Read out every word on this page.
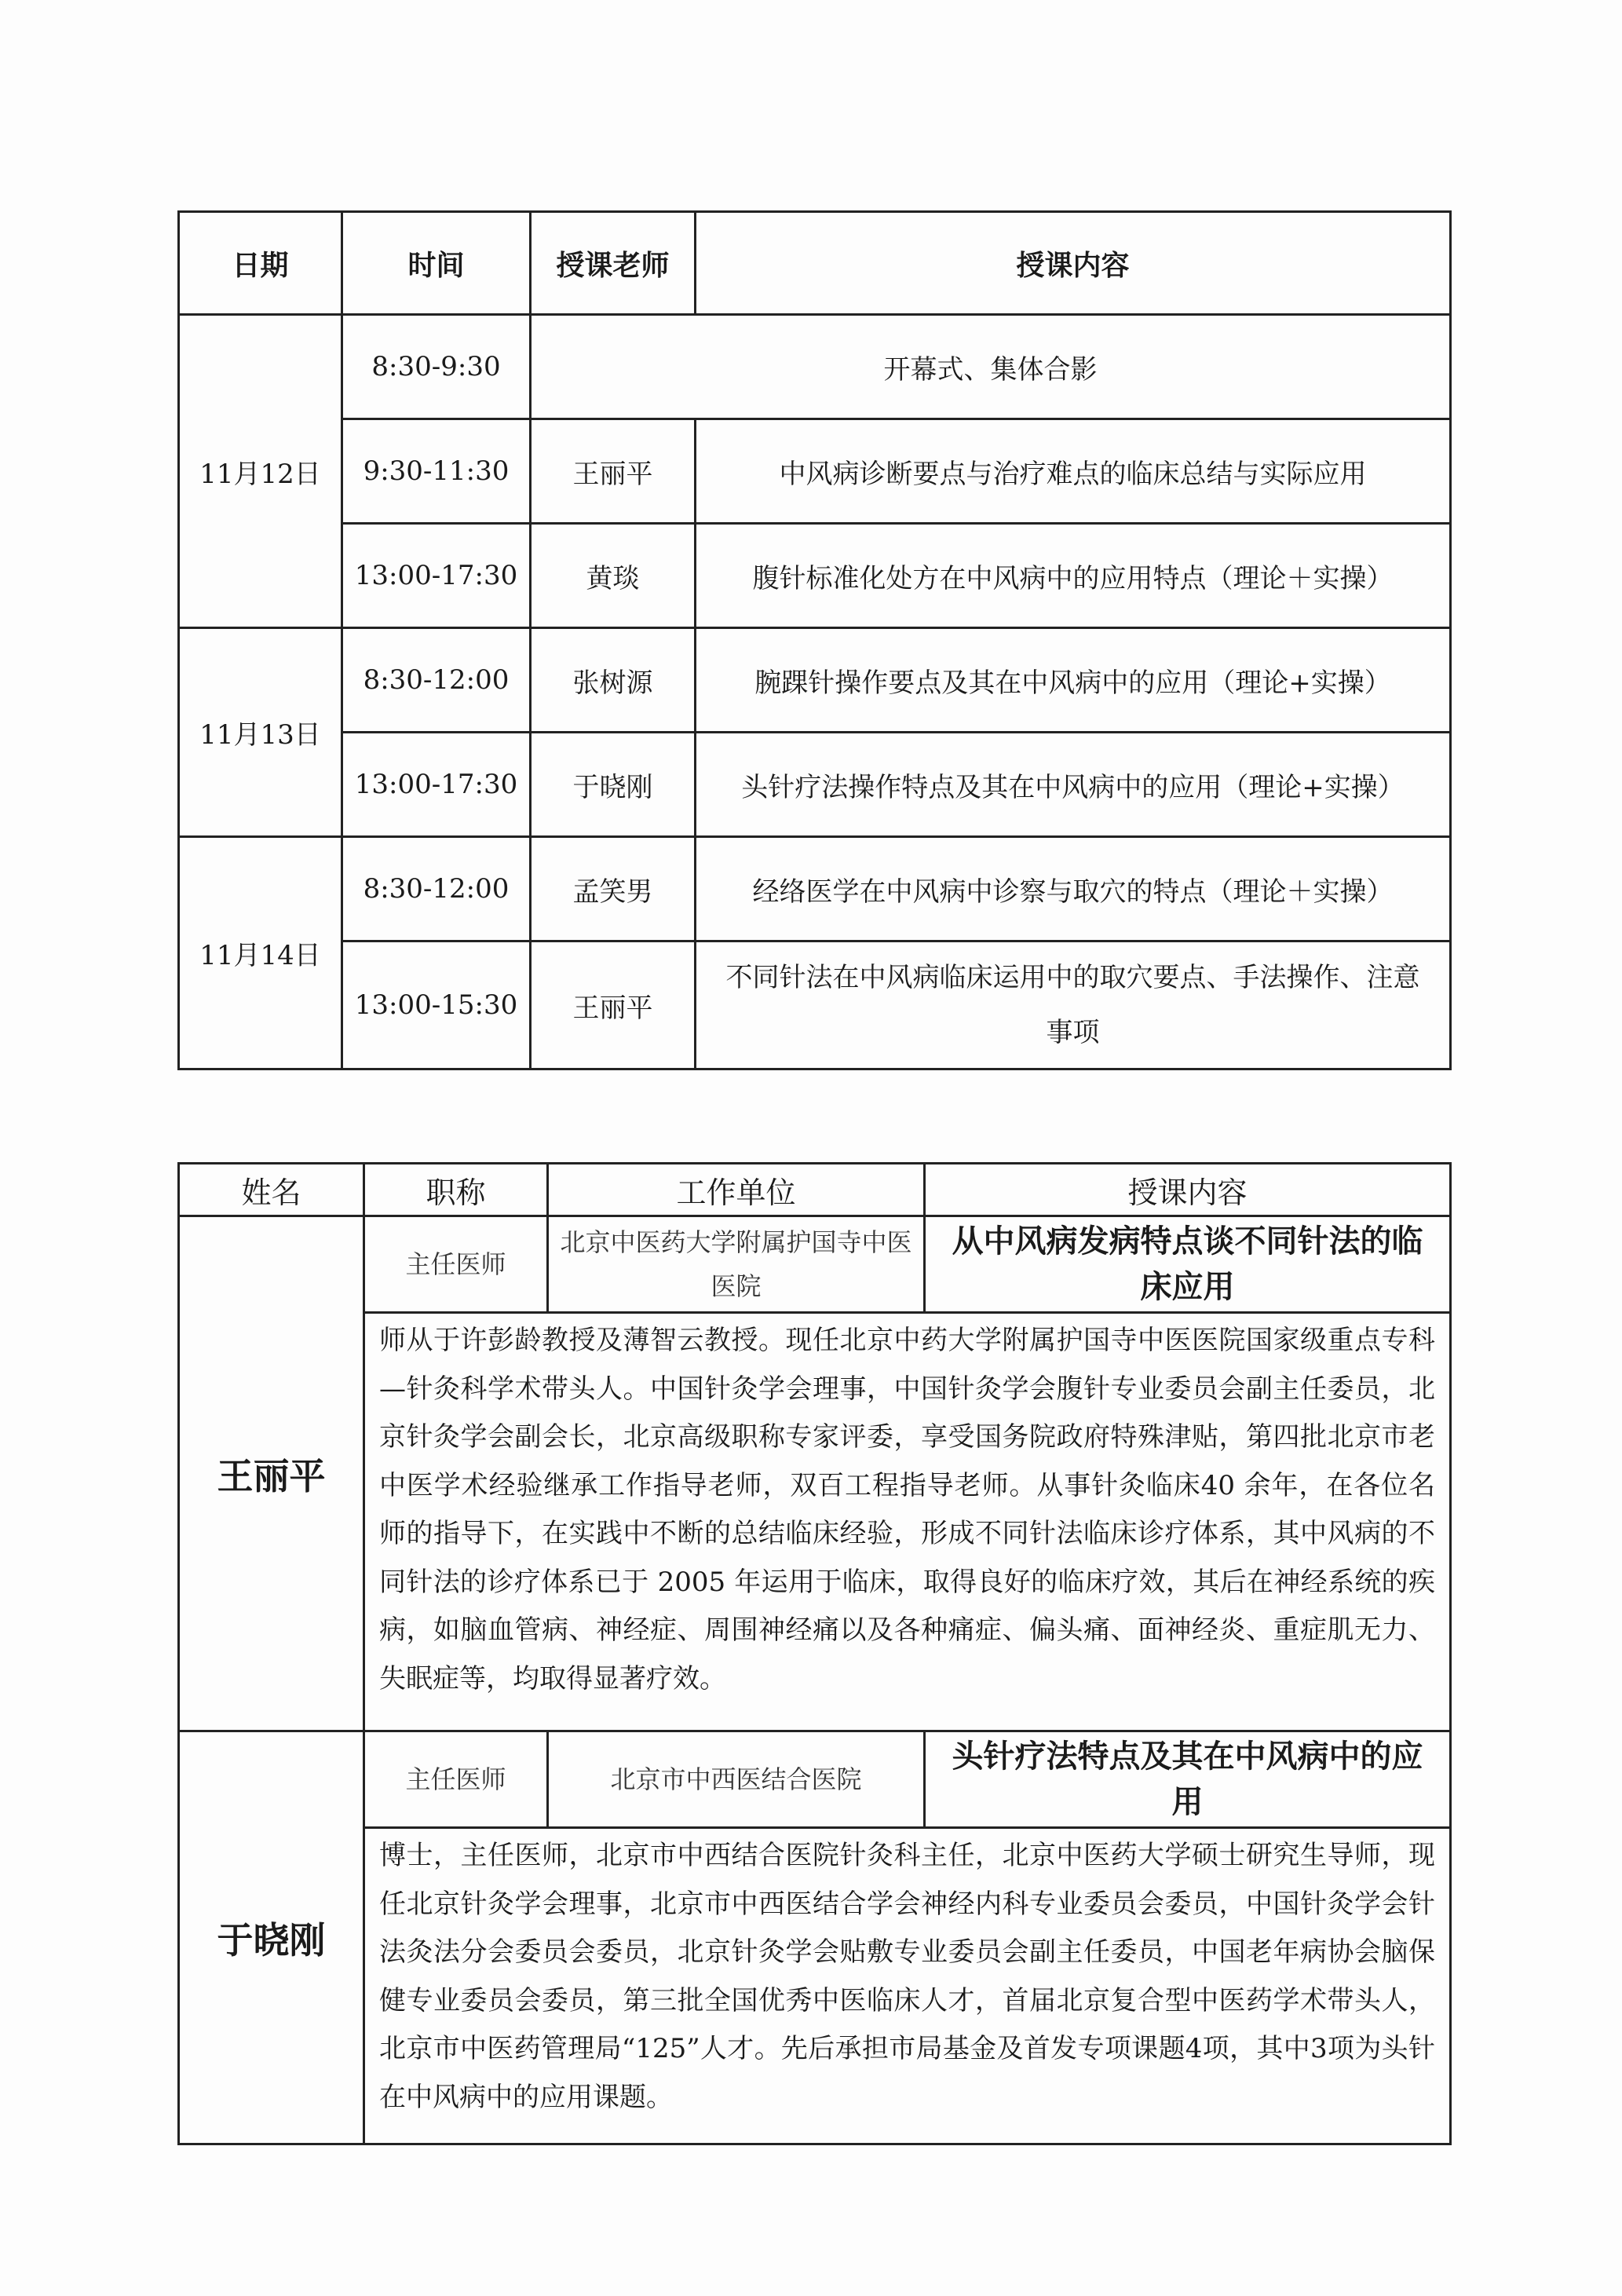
日期	时间	授课老师	授课内容
11月12日	8:30-9:30	开幕式、集体合影	
	9:30-11:30	王丽平	中风病诊断要点与治疗难点的临床总结与实际应用
	13:00-17:30	黄琰	腹针标准化处方在中风病中的应用特点（理论＋实操）
11月13日	8:30-12:00	张树源	腕踝针操作要点及其在中风病中的应用（理论+实操）
	13:00-17:30	于晓刚	头针疗法操作特点及其在中风病中的应用（理论+实操）
11月14日	8:30-12:00	孟笑男	经络医学在中风病中诊察与取穴的特点（理论＋实操）
	13:00-15:30	王丽平	不同针法在中风病临床运用中的取穴要点、手法操作、注意事项
姓名	职称	工作单位	授课内容
王丽平	主任医师	北京中医药大学附属护国寺中医医院	从中风病发病特点谈不同针法的临床应用
	师从于许彭龄教授及薄智云教授。现任北京中药大学附属护国寺中医医院国家级重点专科—针灸科学术带头人。中国针灸学会理事，中国针灸学会腹针专业委员会副主任委员，北京针灸学会副会长，北京高级职称专家评委，享受国务院政府特殊津贴，第四批北京市老中医学术经验继承工作指导老师，双百工程指导老师。从事针灸临床40 余年，在各位名师的指导下，在实践中不断的总结临床经验，形成不同针法临床诊疗体系，其中风病的不同针法的诊疗体系已于 2005 年运用于临床，取得良好的临床疗效，其后在神经系统的疾病，如脑血管病、神经症、周围神经痛以及各种痛症、偏头痛、面神经炎、重症肌无力、失眠症等，均取得显著疗效。		
于晓刚	主任医师	北京市中西医结合医院	头针疗法特点及其在中风病中的应用
	博士，主任医师，北京市中西结合医院针灸科主任，北京中医药大学硕士研究生导师，现任北京针灸学会理事，北京市中西医结合学会神经内科专业委员会委员，中国针灸学会针法灸法分会委员会委员，北京针灸学会贴敷专业委员会副主任委员，中国老年病协会脑保健专业委员会委员，第三批全国优秀中医临床人才，首届北京复合型中医药学术带头人，北京市中医药管理局“125”人才。先后承担市局基金及首发专项课题4项，其中3项为头针在中风病中的应用课题。		
